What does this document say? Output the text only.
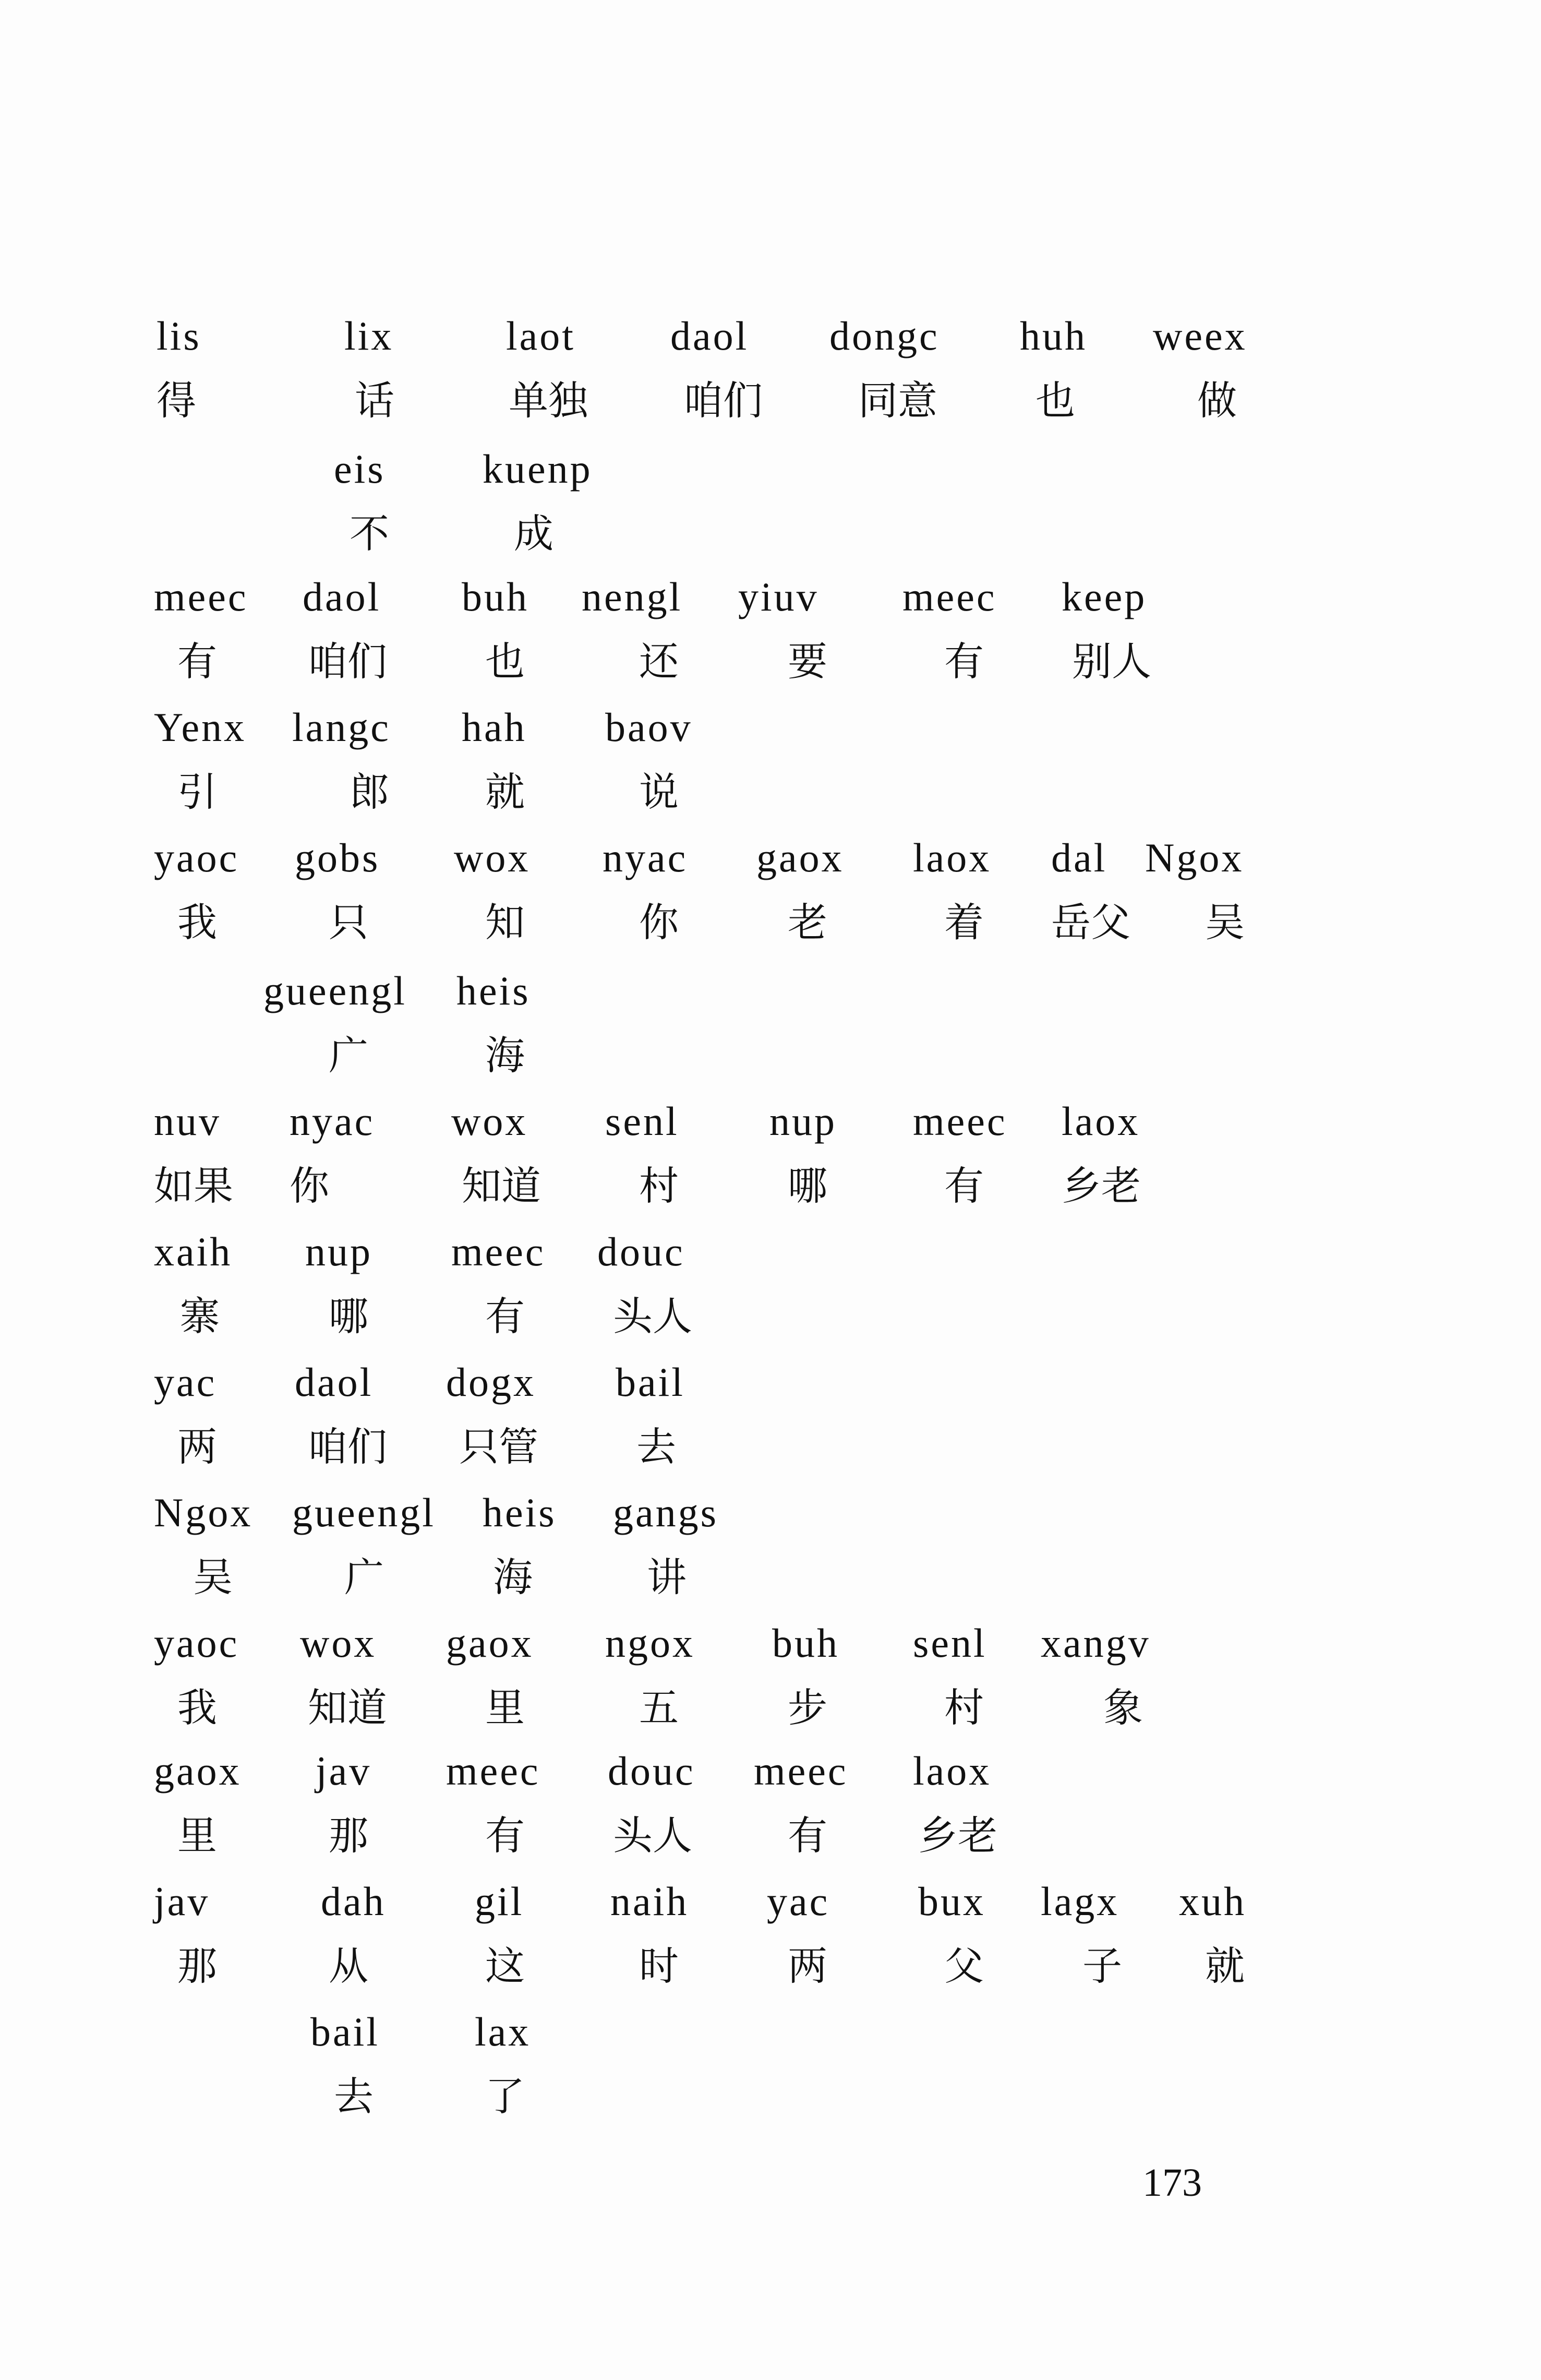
lis	lix	laot daol dongc huh weex
得	话	单独 咱们 同意 也	做
eis kuenp
不	成
meec daol buh nengl yiuv meec keep
有 咱们 也	还	要	有 别人
Yenx langc hah baov
引	郎 就	说
yaoc gobs wox nyac gaox laox dal Ngox
我	只	知	你	老	着 岳父 吴
gueengl heis
广	海
nuv nyac wox senl nup meec laox
如果 你	知道 村	哪	有 乡老
xaih nup meec douc
寨	哪	有 头人
yac daol dogx bail
两 咱们 只管 去
Ngox gueengl heis gangs
吴	广	海	讲
yaoc wox gaox ngox buh senl xangv
我 知道 里	五	步	村	象
gaox jav meec douc meec laox
里	那	有 头人 有 乡老
jav	dah gil naih yac bux lagx xuh
那	从	这	时	两	父 子 就
bail lax
去	了
173
